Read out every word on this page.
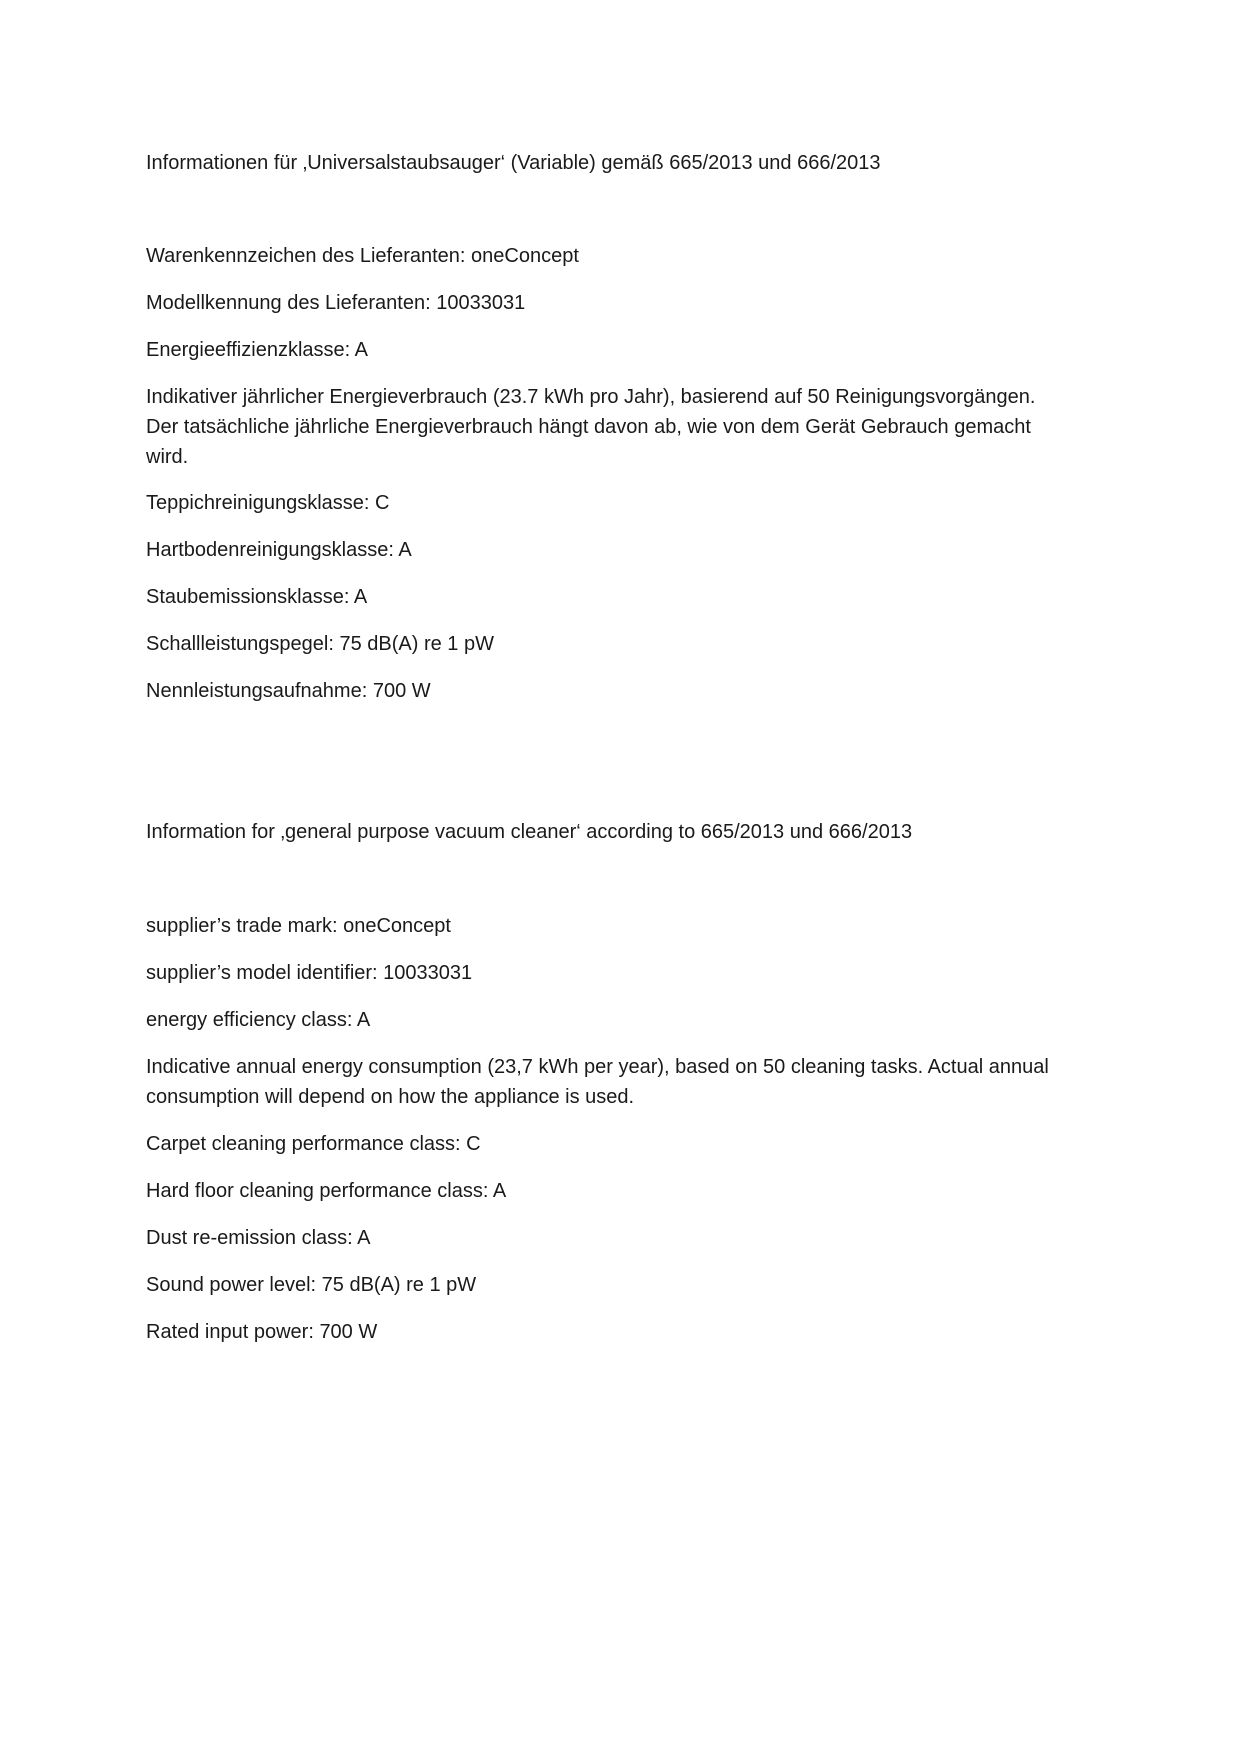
Informationen für ‚Universalstaubsauger‘ (Variable) gemäß 665/2013 und 666/2013

Warenkennzeichen des Lieferanten: oneConcept

Modellkennung des Lieferanten: 10033031

Energieeffizienzklasse: A

Indikativer jährlicher Energieverbrauch (23.7 kWh pro Jahr), basierend auf 50 Reinigungsvorgängen.
Der tatsächliche jährliche Energieverbrauch hängt davon ab, wie von dem Gerät Gebrauch gemacht
wird.

Teppichreinigungsklasse: C

Hartbodenreinigungsklasse: A

Staubemissionsklasse: A

Schallleistungspegel: 75 dB(A) re 1 pW

Nennleistungsaufnahme: 700 W

Information for ‚general purpose vacuum cleaner‘ according to 665/2013 und 666/2013

supplier’s trade mark: oneConcept

supplier’s model identifier: 10033031

energy efficiency class: A

Indicative annual energy consumption (23,7 kWh per year), based on 50 cleaning tasks. Actual annual
consumption will depend on how the appliance is used.

Carpet cleaning performance class: C

Hard floor cleaning performance class: A

Dust re-emission class: A

Sound power level: 75 dB(A) re 1 pW

Rated input power: 700 W
